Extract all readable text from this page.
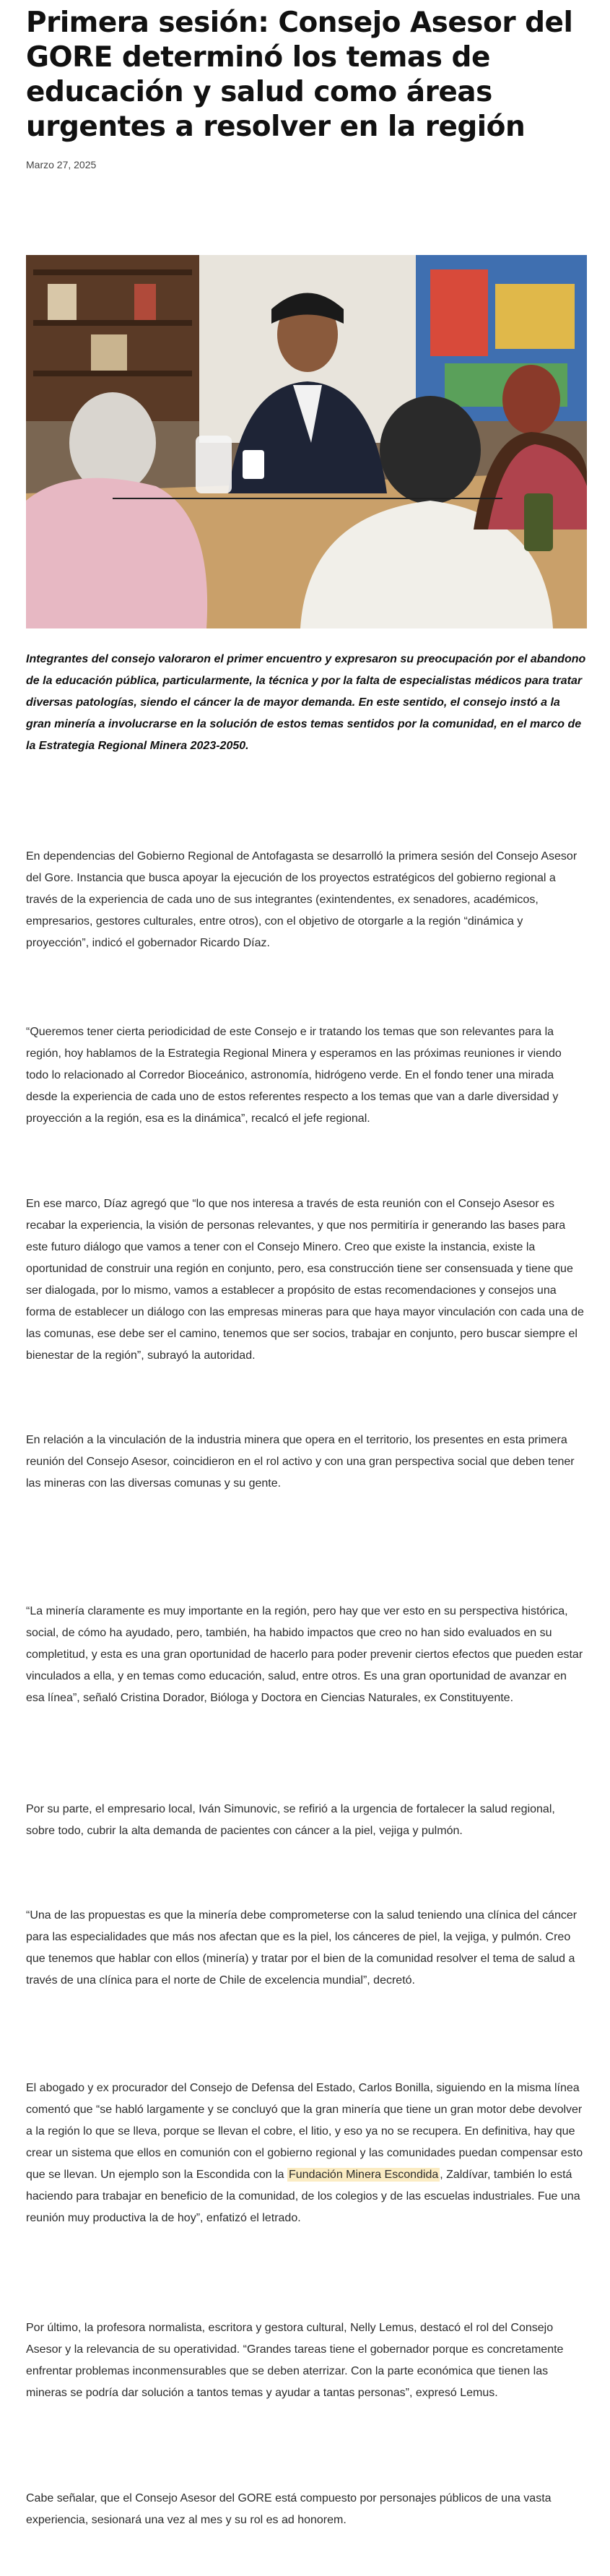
Primera sesión: Consejo Asesor del GORE determinó los temas de educación y salud como áreas urgentes a resolver en la región
Marzo 27, 2025

Integrantes del consejo valoraron el primer encuentro y expresaron su preocupación por el abandono de la educación pública, particularmente, la técnica y por la falta de especialistas médicos para tratar diversas patologías, siendo el cáncer la de mayor demanda. En este sentido, el consejo instó a la gran minería a involucrarse en la solución de estos temas sentidos por la comunidad, en el marco de la Estrategia Regional Minera 2023-2050.

En dependencias del Gobierno Regional de Antofagasta se desarrolló la primera sesión del Consejo Asesor del Gore. Instancia que busca apoyar la ejecución de los proyectos estratégicos del gobierno regional a través de la experiencia de cada uno de sus integrantes (exintendentes, ex senadores, académicos, empresarios, gestores culturales, entre otros), con el objetivo de otorgarle a la región “dinámica y proyección”, indicó el gobernador Ricardo Díaz.

“Queremos tener cierta periodicidad de este Consejo e ir tratando los temas que son relevantes para la región, hoy hablamos de la Estrategia Regional Minera y esperamos en las próximas reuniones ir viendo todo lo relacionado al Corredor Bioceánico, astronomía, hidrógeno verde. En el fondo tener una mirada desde la experiencia de cada uno de estos referentes respecto a los temas que van a darle diversidad y proyección a la región, esa es la dinámica”, recalcó el jefe regional.

En ese marco, Díaz agregó que “lo que nos interesa a través de esta reunión con el Consejo Asesor es recabar la experiencia, la visión de personas relevantes, y que nos permitiría ir generando las bases para este futuro diálogo que vamos a tener con el Consejo Minero. Creo que existe la instancia, existe la oportunidad de construir una región en conjunto, pero, esa construcción tiene ser consensuada y tiene que ser dialogada, por lo mismo, vamos a establecer a propósito de estas recomendaciones y consejos una forma de establecer un diálogo con las empresas mineras para que haya mayor vinculación con cada una de las comunas, ese debe ser el camino, tenemos que ser socios, trabajar en conjunto, pero buscar siempre el bienestar de la región”, subrayó la autoridad.

En relación a la vinculación de la industria minera que opera en el territorio, los presentes en esta primera reunión del Consejo Asesor, coincidieron en el rol activo y con una gran perspectiva social que deben tener las mineras con las diversas comunas y su gente.

“La minería claramente es muy importante en la región, pero hay que ver esto en su perspectiva histórica, social, de cómo ha ayudado, pero, también, ha habido impactos que creo no han sido evaluados en su completitud, y esta es una gran oportunidad de hacerlo para poder prevenir ciertos efectos que pueden estar vinculados a ella, y en temas como educación, salud, entre otros. Es una gran oportunidad de avanzar en esa línea”, señaló Cristina Dorador, Bióloga y Doctora en Ciencias Naturales, ex Constituyente.

Por su parte, el empresario local, Iván Simunovic, se refirió a la urgencia de fortalecer la salud regional, sobre todo, cubrir la alta demanda de pacientes con cáncer a la piel, vejiga y pulmón.

“Una de las propuestas es que la minería debe comprometerse con la salud teniendo una clínica del cáncer para las especialidades que más nos afectan que es la piel, los cánceres de piel, la vejiga, y pulmón. Creo que tenemos que hablar con ellos (minería) y tratar por el bien de la comunidad resolver el tema de salud a través de una clínica para el norte de Chile de excelencia mundial”, decretó.

El abogado y ex procurador del Consejo de Defensa del Estado, Carlos Bonilla, siguiendo en la misma línea comentó que “se habló largamente y se concluyó que la gran minería que tiene un gran motor debe devolver a la región lo que se lleva, porque se llevan el cobre, el litio, y eso ya no se recupera. En definitiva, hay que crear un sistema que ellos en comunión con el gobierno regional y las comunidades puedan compensar esto que se llevan. Un ejemplo son la Escondida con la Fundación Minera Escondida , Zaldívar, también lo está haciendo para trabajar en beneficio de la comunidad, de los colegios y de las escuelas industriales. Fue una reunión muy productiva la de hoy”, enfatizó el letrado.

Por último, la profesora normalista, escritora y gestora cultural, Nelly Lemus, destacó el rol del Consejo Asesor y la relevancia de su operatividad. “Grandes tareas tiene el gobernador porque es concretamente enfrentar problemas inconmensurables que se deben aterrizar. Con la parte económica que tienen las mineras se podría dar solución a tantos temas y ayudar a tantas personas”, expresó Lemus.

Cabe señalar, que el Consejo Asesor del GORE está compuesto por personajes públicos de una vasta experiencia, sesionará una vez al mes y su rol es ad honorem.
